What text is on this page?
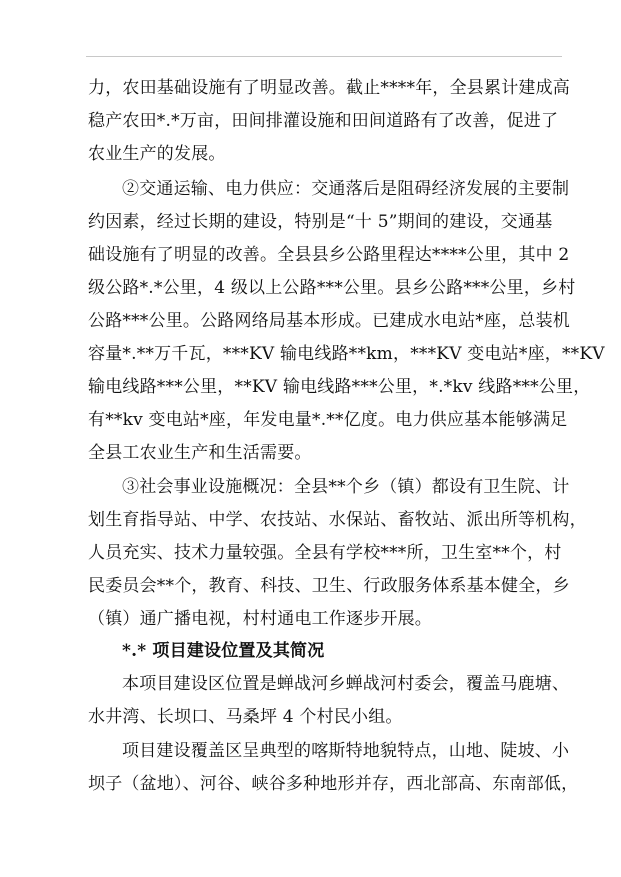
力，农田基础设施有了明显改善。截止****年，全县累计建成高
稳产农田*.*万亩，田间排灌设施和田间道路有了改善，促进了
农业生产的发展。
②交通运输、电力供应：交通落后是阻碍经济发展的主要制
约因素，经过长期的建设，特别是“十 5”期间的建设，交通基
础设施有了明显的改善。全县县乡公路里程达****公里，其中 2
级公路*.*公里，4 级以上公路***公里。县乡公路***公里，乡村
公路***公里。公路网络局基本形成。已建成水电站*座，总装机
容量*.**万千瓦，***KV 输电线路**km，***KV 变电站*座，**KV
输电线路***公里，**KV 输电线路***公里，*.*kv 线路***公里，
有**kv 变电站*座，年发电量*.**亿度。电力供应基本能够满足
全县工农业生产和生活需要。
③社会事业设施概况：全县**个乡（镇）都设有卫生院、计
划生育指导站、中学、农技站、水保站、畜牧站、派出所等机构，
人员充实、技术力量较强。全县有学校***所，卫生室**个，村
民委员会**个，教育、科技、卫生、行政服务体系基本健全，乡
（镇）通广播电视，村村通电工作逐步开展。
*.* 项目建设位置及其简况
本项目建设区位置是蝉战河乡蝉战河村委会，覆盖马鹿塘、
水井湾、长坝口、马桑坪 4 个村民小组。
项目建设覆盖区呈典型的喀斯特地貌特点，山地、陡坡、小
坝子（盆地）、河谷、峡谷多种地形并存，西北部高、东南部低，
